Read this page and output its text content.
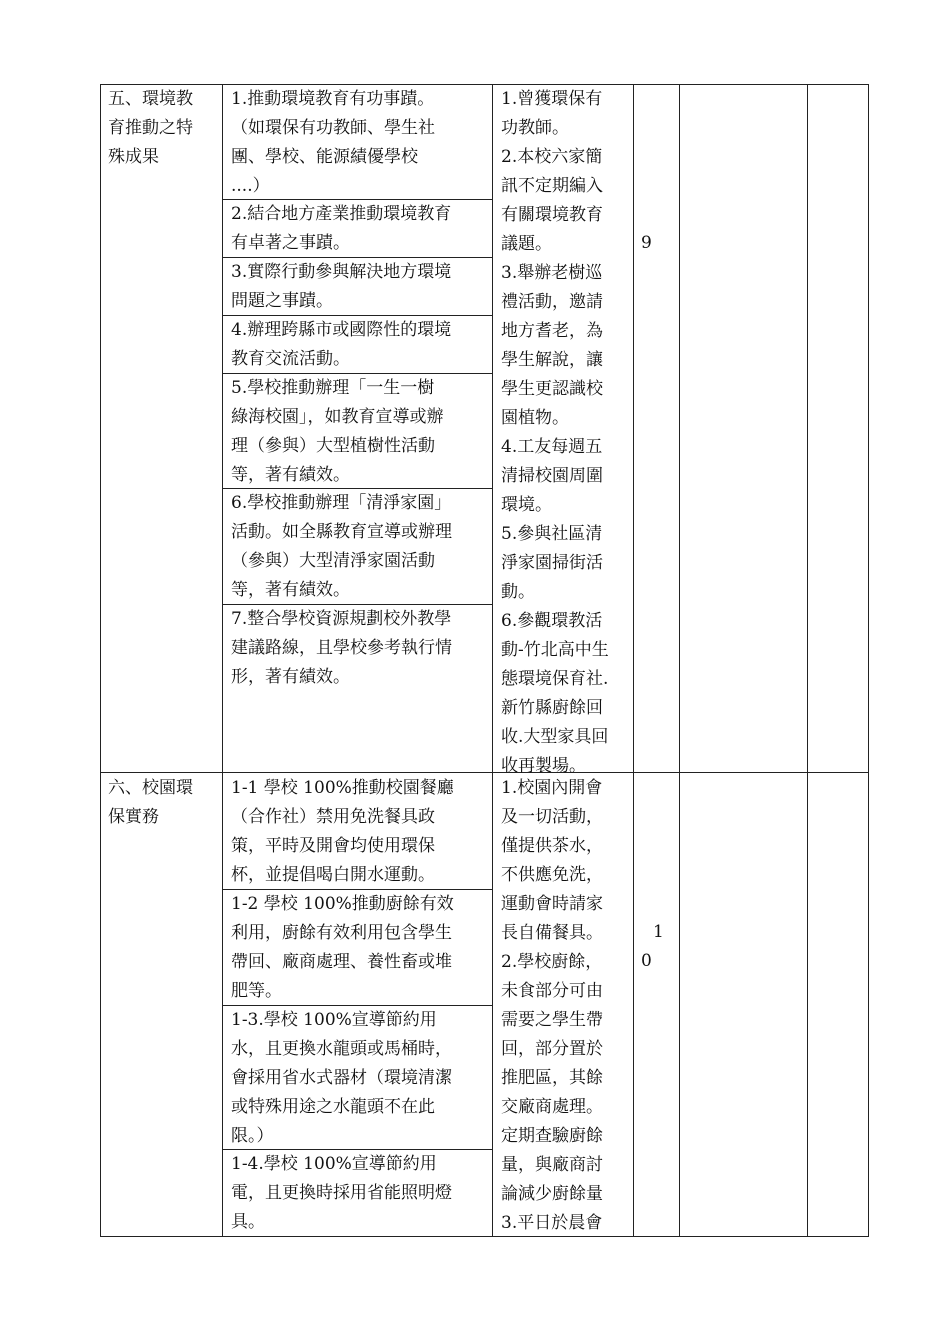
五、環境教
育推動之特
殊成果
1.推動環境教育有功事蹟。
（如環保有功教師、學生社
團、學校、能源績優學校
....）
2.結合地方產業推動環境教育
有卓著之事蹟。
3.實際行動參與解決地方環境
問題之事蹟。
4.辦理跨縣市或國際性的環境
教育交流活動。
5.學校推動辦理「一生一樹
綠海校園」，如教育宣導或辦
理（參與）大型植樹性活動
等，著有績效。
6.學校推動辦理「清淨家園」
活動。如全縣教育宣導或辦理
（參與）大型清淨家園活動
等，著有績效。
7.整合學校資源規劃校外教學
建議路線，且學校參考執行情
形，著有績效。
1.曾獲環保有
功教師。
2.本校六家簡
訊不定期編入
有關環境教育
議題。
3.舉辦老樹巡
禮活動，邀請
地方耆老，為
學生解說，讓
學生更認識校
園植物。
4.工友每週五
清掃校園周圍
環境。
5.參與社區清
淨家園掃街活
動。
6.參觀環教活
動-竹北高中生
態環境保育社.
新竹縣廚餘回
收.大型家具回
收再製場。
9
六、校園環
保實務
1-1 學校 100%推動校園餐廳
（合作社）禁用免洗餐具政
策，平時及開會均使用環保
杯，並提倡喝白開水運動。
1-2 學校 100%推動廚餘有效
利用，廚餘有效利用包含學生
帶回、廠商處理、養性畜或堆
肥等。
1-3.學校 100%宣導節約用
水，且更換水龍頭或馬桶時，
會採用省水式器材（環境清潔
或特殊用途之水龍頭不在此
限。）
1-4.學校 100%宣導節約用
電，且更換時採用省能照明燈
具。
1.校園內開會
及一切活動，
僅提供茶水，
不供應免洗，
運動會時請家
長自備餐具。
2.學校廚餘，
未食部分可由
需要之學生帶
回，部分置於
推肥區，其餘
交廠商處理。
定期查驗廚餘
量，與廠商討
論減少廚餘量
3.平日於晨會
1
0
